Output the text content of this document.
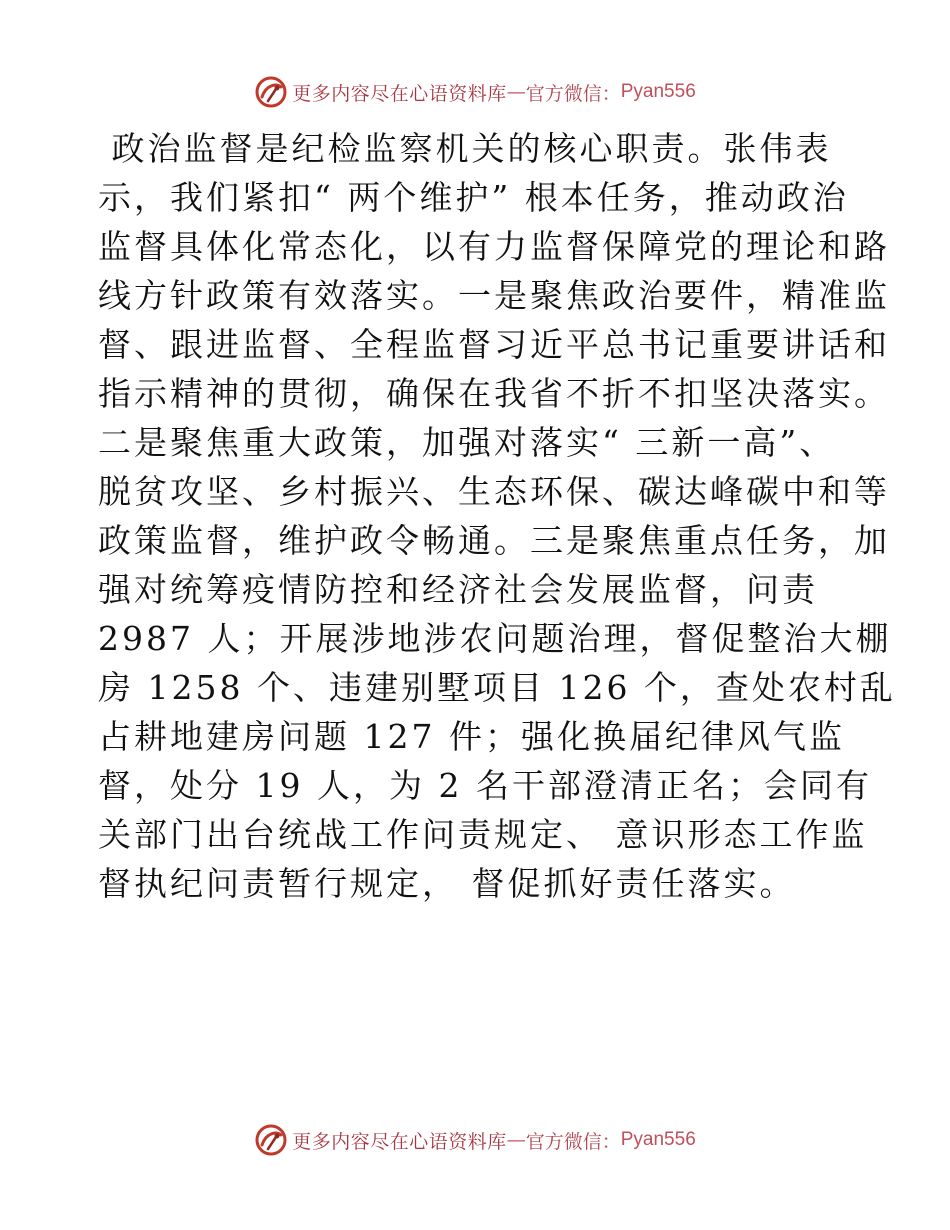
更多内容尽在心语资料库 — 官方微信： Pyan556
政治监督是纪检监察机关的核心职责。张伟表
示，我们紧扣“ 两个维护” 根本任务，推动政治
监督具体化常态化，以有力监督保障党的理论和路
线方针政策有效落实。一是聚焦政治要件，精准监
督、跟进监督、全程监督习近平总书记重要讲话和
指示精神的贯彻，确保在我省不折不扣坚决落实。
二是聚焦重大政策，加强对落实“ 三新一高”、
脱贫攻坚、乡村振兴、生态环保、碳达峰碳中和等
政策监督，维护政令畅通。三是聚焦重点任务，加
强对统筹疫情防控和经济社会发展监督，问责
2987 人；开展涉地涉农问题治理，督促整治大棚
房 1258 个、违建别墅项目 126 个，查处农村乱
占耕地建房问题 127 件；强化换届纪律风气监
督，处分 19 人，为 2 名干部澄清正名；会同有
关部门出台统战工作问责规定、 意识形态工作监
督执纪问责暂行规定， 督促抓好责任落实。
更多内容尽在心语资料库 — 官方微信： Pyan556
